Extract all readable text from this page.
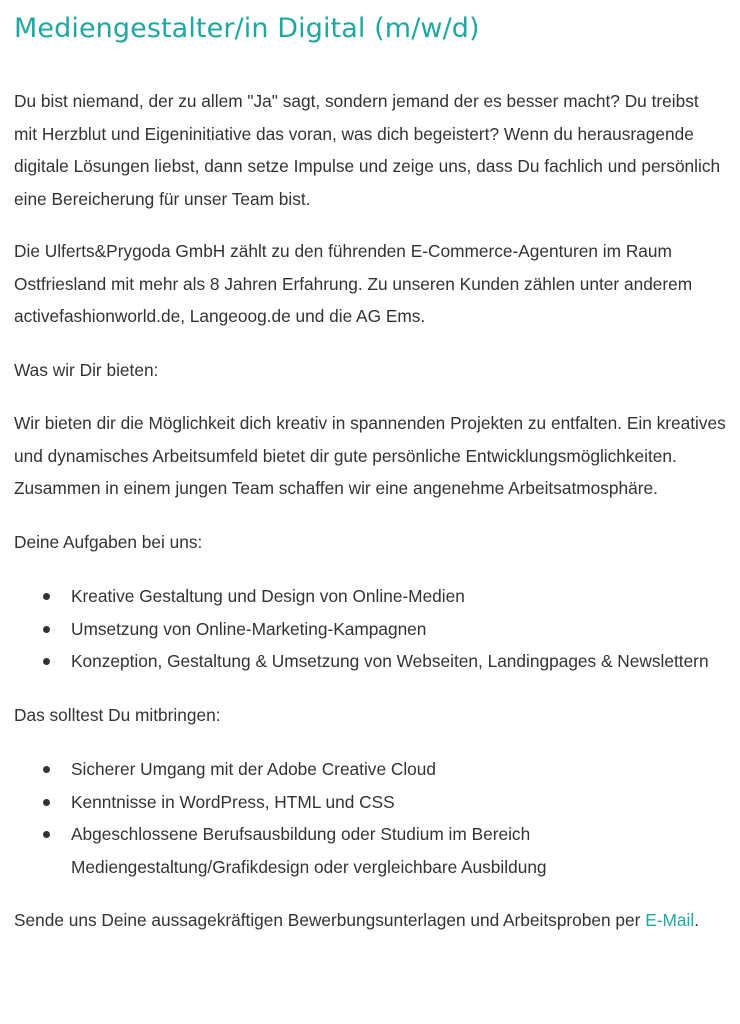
Mediengestalter/in Digital (m/w/d)

Du bist niemand, der zu allem "Ja" sagt, sondern jemand der es besser macht? Du treibst mit Herzblut und Eigeninitiative das voran, was dich begeistert? Wenn du herausragende digitale Lösungen liebst, dann setze Impulse und zeige uns, dass Du fachlich und persönlich eine Bereicherung für unser Team bist.

Die Ulferts&Prygoda GmbH zählt zu den führenden E-Commerce-Agenturen im Raum Ostfriesland mit mehr als 8 Jahren Erfahrung. Zu unseren Kunden zählen unter anderem activefashionworld.de, Langeoog.de und die AG Ems.

Was wir Dir bieten:

Wir bieten dir die Möglichkeit dich kreativ in spannenden Projekten zu entfalten. Ein kreatives und dynamisches Arbeitsumfeld bietet dir gute persönliche Entwicklungsmöglichkeiten. Zusammen in einem jungen Team schaffen wir eine angenehme Arbeitsatmosphäre.

Deine Aufgaben bei uns:

Kreative Gestaltung und Design von Online-Medien
Umsetzung von Online-Marketing-Kampagnen
Konzeption, Gestaltung & Umsetzung von Webseiten, Landingpages & Newslettern

Das solltest Du mitbringen:

Sicherer Umgang mit der Adobe Creative Cloud
Kenntnisse in WordPress, HTML und CSS
Abgeschlossene Berufsausbildung oder Studium im Bereich Mediengestaltung/Grafikdesign oder vergleichbare Ausbildung

Sende uns Deine aussagekräftigen Bewerbungsunterlagen und Arbeitsproben per E-Mail.
